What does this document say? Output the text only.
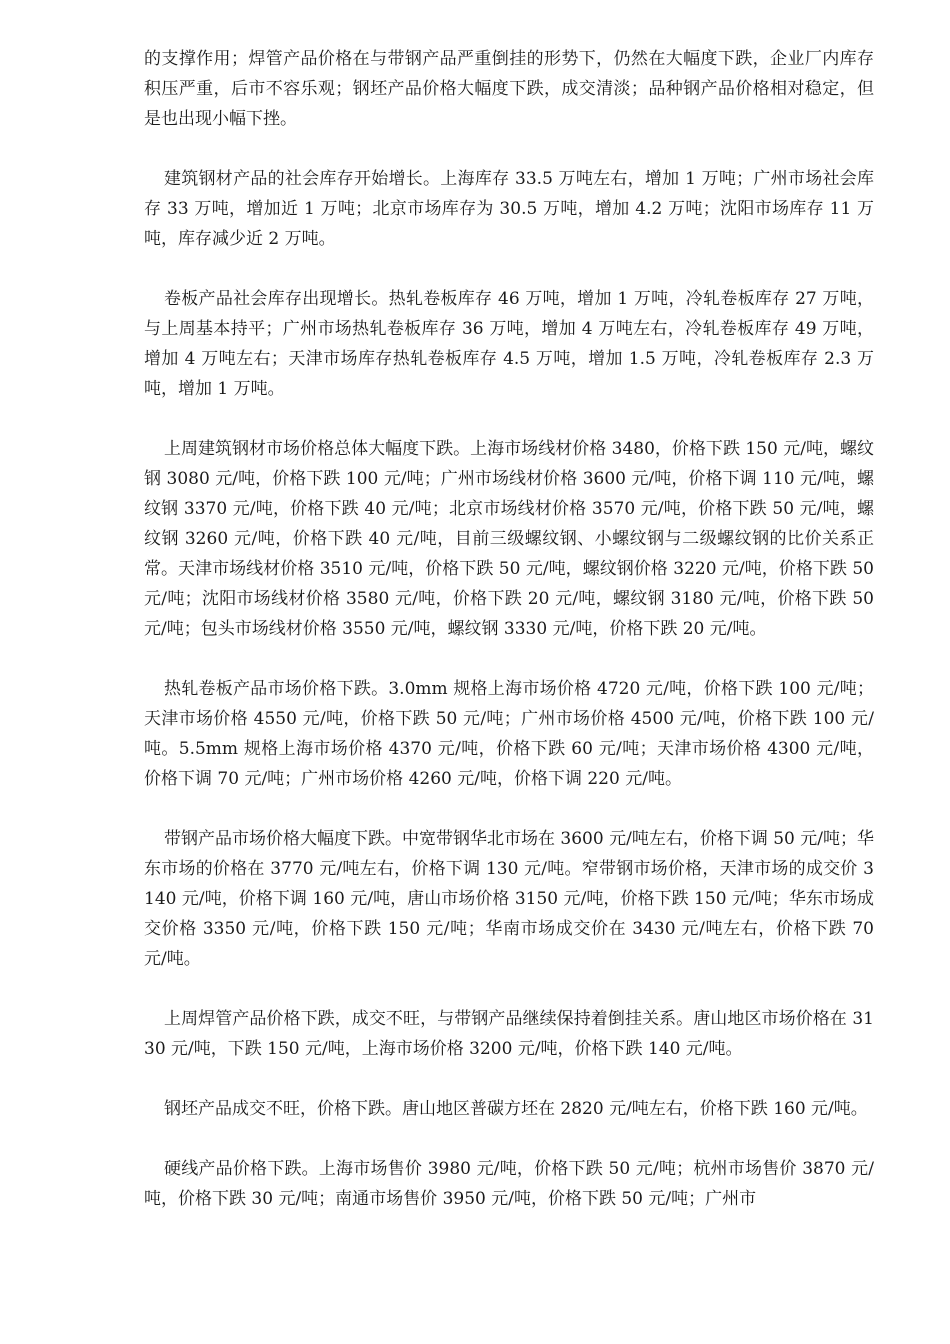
的支撑作用；焊管产品价格在与带钢产品严重倒挂的形势下，仍然在大幅度下跌，企业厂内库存积压严重，后市不容乐观；钢坯产品价格大幅度下跌，成交清淡；品种钢产品价格相对稳定，但是也出现小幅下挫。

建筑钢材产品的社会库存开始增长。上海库存 33.5 万吨左右，增加 1 万吨；广州市场社会库存 33 万吨，增加近 1 万吨；北京市场库存为 30.5 万吨，增加 4.2 万吨；沈阳市场库存 11 万吨，库存减少近 2 万吨。

卷板产品社会库存出现增长。热轧卷板库存 46 万吨，增加 1 万吨，冷轧卷板库存 27 万吨，与上周基本持平；广州市场热轧卷板库存 36 万吨，增加 4 万吨左右，冷轧卷板库存 49 万吨，增加 4 万吨左右；天津市场库存热轧卷板库存 4.5 万吨，增加 1.5 万吨，冷轧卷板库存 2.3 万吨，增加 1 万吨。

上周建筑钢材市场价格总体大幅度下跌。上海市场线材价格 3480，价格下跌 150 元/吨，螺纹钢 3080 元/吨，价格下跌 100 元/吨；广州市场线材价格 3600 元/吨，价格下调 110 元/吨，螺纹钢 3370 元/吨，价格下跌 40 元/吨；北京市场线材价格 3570 元/吨，价格下跌 50 元/吨，螺纹钢 3260 元/吨，价格下跌 40 元/吨，目前三级螺纹钢、小螺纹钢与二级螺纹钢的比价关系正常。天津市场线材价格 3510 元/吨，价格下跌 50 元/吨，螺纹钢价格 3220 元/吨，价格下跌 50 元/吨；沈阳市场线材价格 3580 元/吨，价格下跌 20 元/吨，螺纹钢 3180 元/吨，价格下跌 50 元/吨；包头市场线材价格 3550 元/吨，螺纹钢 3330 元/吨，价格下跌 20 元/吨。

热轧卷板产品市场价格下跌。3.0mm 规格上海市场价格 4720 元/吨，价格下跌 100 元/吨；天津市场价格 4550 元/吨，价格下跌 50 元/吨；广州市场价格 4500 元/吨，价格下跌 100 元/吨。5.5mm 规格上海市场价格 4370 元/吨，价格下跌 60 元/吨；天津市场价格 4300 元/吨，价格下调 70 元/吨；广州市场价格 4260 元/吨，价格下调 220 元/吨。

带钢产品市场价格大幅度下跌。中宽带钢华北市场在 3600 元/吨左右，价格下调 50 元/吨；华东市场的价格在 3770 元/吨左右，价格下调 130 元/吨。窄带钢市场价格，天津市场的成交价 3140 元/吨，价格下调 160 元/吨，唐山市场价格 3150 元/吨，价格下跌 150 元/吨；华东市场成交价格 3350 元/吨，价格下跌 150 元/吨；华南市场成交价在 3430 元/吨左右，价格下跌 70 元/吨。

上周焊管产品价格下跌，成交不旺，与带钢产品继续保持着倒挂关系。唐山地区市场价格在 3130 元/吨，下跌 150 元/吨，上海市场价格 3200 元/吨，价格下跌 140 元/吨。

钢坯产品成交不旺，价格下跌。唐山地区普碳方坯在 2820 元/吨左右，价格下跌 160 元/吨。

硬线产品价格下跌。上海市场售价 3980 元/吨，价格下跌 50 元/吨；杭州市场售价 3870 元/吨，价格下跌 30 元/吨；南通市场售价 3950 元/吨，价格下跌 50 元/吨；广州市
